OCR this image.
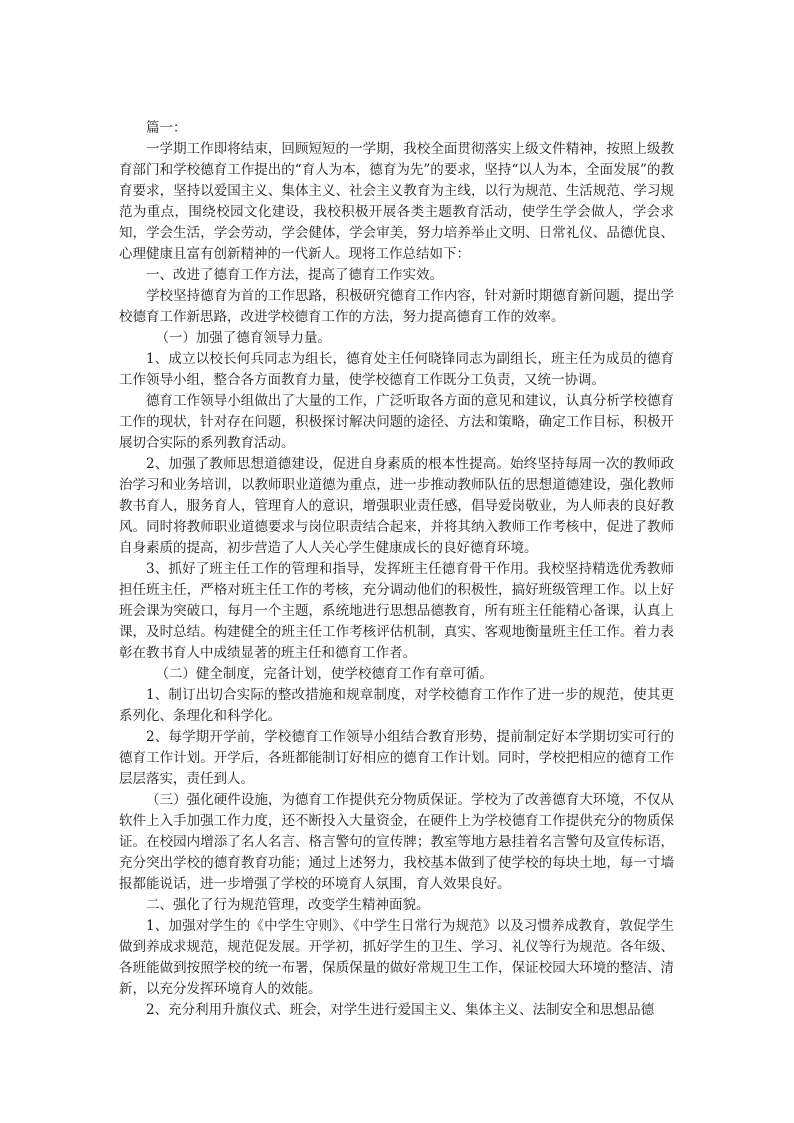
篇一：

一学期工作即将结束，回顾短短的一学期，我校全面贯彻落实上级文件精神，按照上级教育部门和学校德育工作提出的“育人为本，德育为先”的要求，坚持“以人为本，全面发展”的教育要求，坚持以爱国主义、集体主义、社会主义教育为主线，以行为规范、生活规范、学习规范为重点，围绕校园文化建设，我校积极开展各类主题教育活动，使学生学会做人，学会求知，学会生活，学会劳动，学会健体，学会审美，努力培养举止文明、日常礼仪、品德优良、心理健康且富有创新精神的一代新人。现将工作总结如下：

一、改进了德育工作方法，提高了德育工作实效。

学校坚持德育为首的工作思路，积极研究德育工作内容，针对新时期德育新问题，提出学校德育工作新思路，改进学校德育工作的方法，努力提高德育工作的效率。

（一）加强了德育领导力量。

1、成立以校长何兵同志为组长，德育处主任何晓锋同志为副组长，班主任为成员的德育工作领导小组，整合各方面教育力量，使学校德育工作既分工负责，又统一协调。

德育工作领导小组做出了大量的工作，广泛听取各方面的意见和建议，认真分析学校德育工作的现状，针对存在问题，积极探讨解决问题的途径、方法和策略，确定工作目标，积极开展切合实际的系列教育活动。

2、加强了教师思想道德建设，促进自身素质的根本性提高。始终坚持每周一次的教师政治学习和业务培训，以教师职业道德为重点，进一步推动教师队伍的思想道德建设，强化教师教书育人，服务育人，管理育人的意识，增强职业责任感，倡导爱岗敬业，为人师表的良好教风。同时将教师职业道德要求与岗位职责结合起来，并将其纳入教师工作考核中，促进了教师自身素质的提高，初步营造了人人关心学生健康成长的良好德育环境。

3、抓好了班主任工作的管理和指导，发挥班主任德育骨干作用。我校坚持精选优秀教师担任班主任，严格对班主任工作的考核，充分调动他们的积极性，搞好班级管理工作。以上好班会课为突破口，每月一个主题，系统地进行思想品德教育，所有班主任能精心备课，认真上课，及时总结。构建健全的班主任工作考核评估机制，真实、客观地衡量班主任工作。着力表彰在教书育人中成绩显著的班主任和德育工作者。

（二）健全制度，完备计划，使学校德育工作有章可循。

1、制订出切合实际的整改措施和规章制度，对学校德育工作作了进一步的规范，使其更系列化、条理化和科学化。

2、每学期开学前，学校德育工作领导小组结合教育形势，提前制定好本学期切实可行的德育工作计划。开学后，各班都能制订好相应的德育工作计划。同时，学校把相应的德育工作层层落实，责任到人。

（三）强化硬件设施，为德育工作提供充分物质保证。学校为了改善德育大环境，不仅从软件上入手加强工作力度，还不断投入大量资金，在硬件上为学校德育工作提供充分的物质保证。在校园内增添了名人名言、格言警句的宣传牌；教室等地方悬挂着名言警句及宣传标语，充分突出学校的德育教育功能；通过上述努力，我校基本做到了使学校的每块土地，每一寸墙报都能说话，进一步增强了学校的环境育人氛围，育人效果良好。

二、强化了行为规范管理，改变学生精神面貌。

1、加强对学生的《中学生守则》、《中学生日常行为规范》以及习惯养成教育，敦促学生做到养成求规范，规范促发展。开学初，抓好学生的卫生、学习、礼仪等行为规范。各年级、各班能做到按照学校的统一布署，保质保量的做好常规卫生工作，保证校园大环境的整洁、清新，以充分发挥环境育人的效能。

2、充分利用升旗仪式、班会，对学生进行爱国主义、集体主义、法制安全和思想品德
